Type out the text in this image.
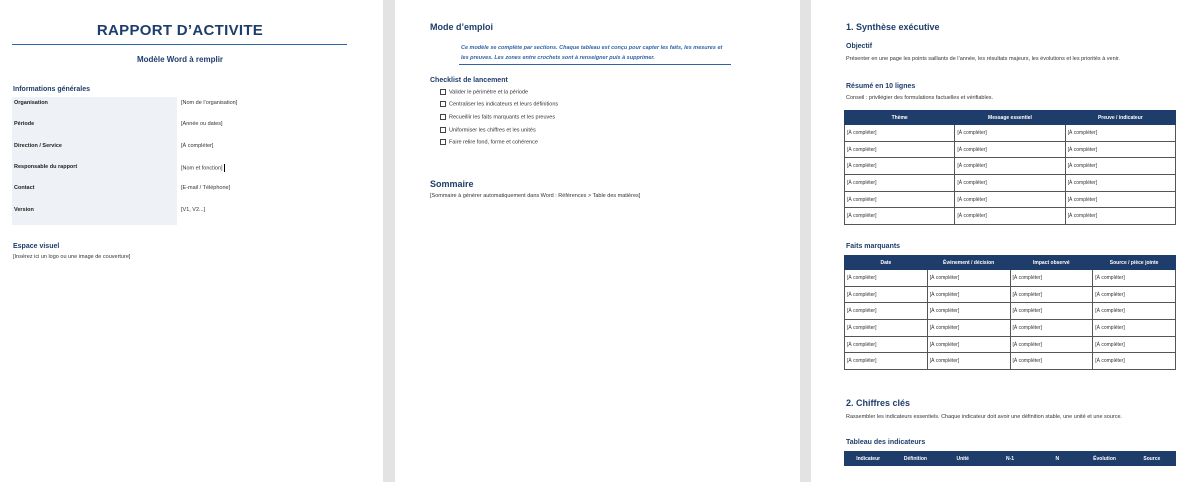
RAPPORT D’ACTIVITE
Modèle Word à remplir
Informations générales
Organisation	[Nom de l’organisation]
Période	[Année ou dates]
Direction / Service	[À compléter]
Responsable du rapport	[Nom et fonction]
Contact	[E-mail / Téléphone]
Version	[V1, V2...]
Espace visuel
[Insérez ici un logo ou une image de couverture]
Mode d’emploi
Ce modèle se complète par sections. Chaque tableau est conçu pour capter les faits, les mesures et les preuves. Les zones entre crochets sont à renseigner puis à supprimer.
Checklist de lancement
Valider le périmètre et la période
Centraliser les indicateurs et leurs définitions
Recueillir les faits marquants et les preuves
Uniformiser les chiffres et les unités
Faire relire fond, forme et cohérence
Sommaire
[Sommaire à générer automatiquement dans Word : Références > Table des matières]
1. Synthèse exécutive
Objectif
Présenter en une page les points saillants de l’année, les résultats majeurs, les évolutions et les priorités à venir.
Résumé en 10 lignes
Conseil : privilégier des formulations factuelles et vérifiables.
Thème	Message essentiel	Preuve / indicateur
[À compléter]	[À compléter]	[À compléter]
[À compléter]	[À compléter]	[À compléter]
[À compléter]	[À compléter]	[À compléter]
[À compléter]	[À compléter]	[À compléter]
[À compléter]	[À compléter]	[À compléter]
[À compléter]	[À compléter]	[À compléter]
Faits marquants
Date	Événement / décision	Impact observé	Source / pièce jointe
[À compléter]	[À compléter]	[À compléter]	[À compléter]
[À compléter]	[À compléter]	[À compléter]	[À compléter]
[À compléter]	[À compléter]	[À compléter]	[À compléter]
[À compléter]	[À compléter]	[À compléter]	[À compléter]
[À compléter]	[À compléter]	[À compléter]	[À compléter]
[À compléter]	[À compléter]	[À compléter]	[À compléter]
2. Chiffres clés
Rassembler les indicateurs essentiels. Chaque indicateur doit avoir une définition stable, une unité et une source.
Tableau des indicateurs
Indicateur	Définition	Unité	N-1	N	Évolution	Source
